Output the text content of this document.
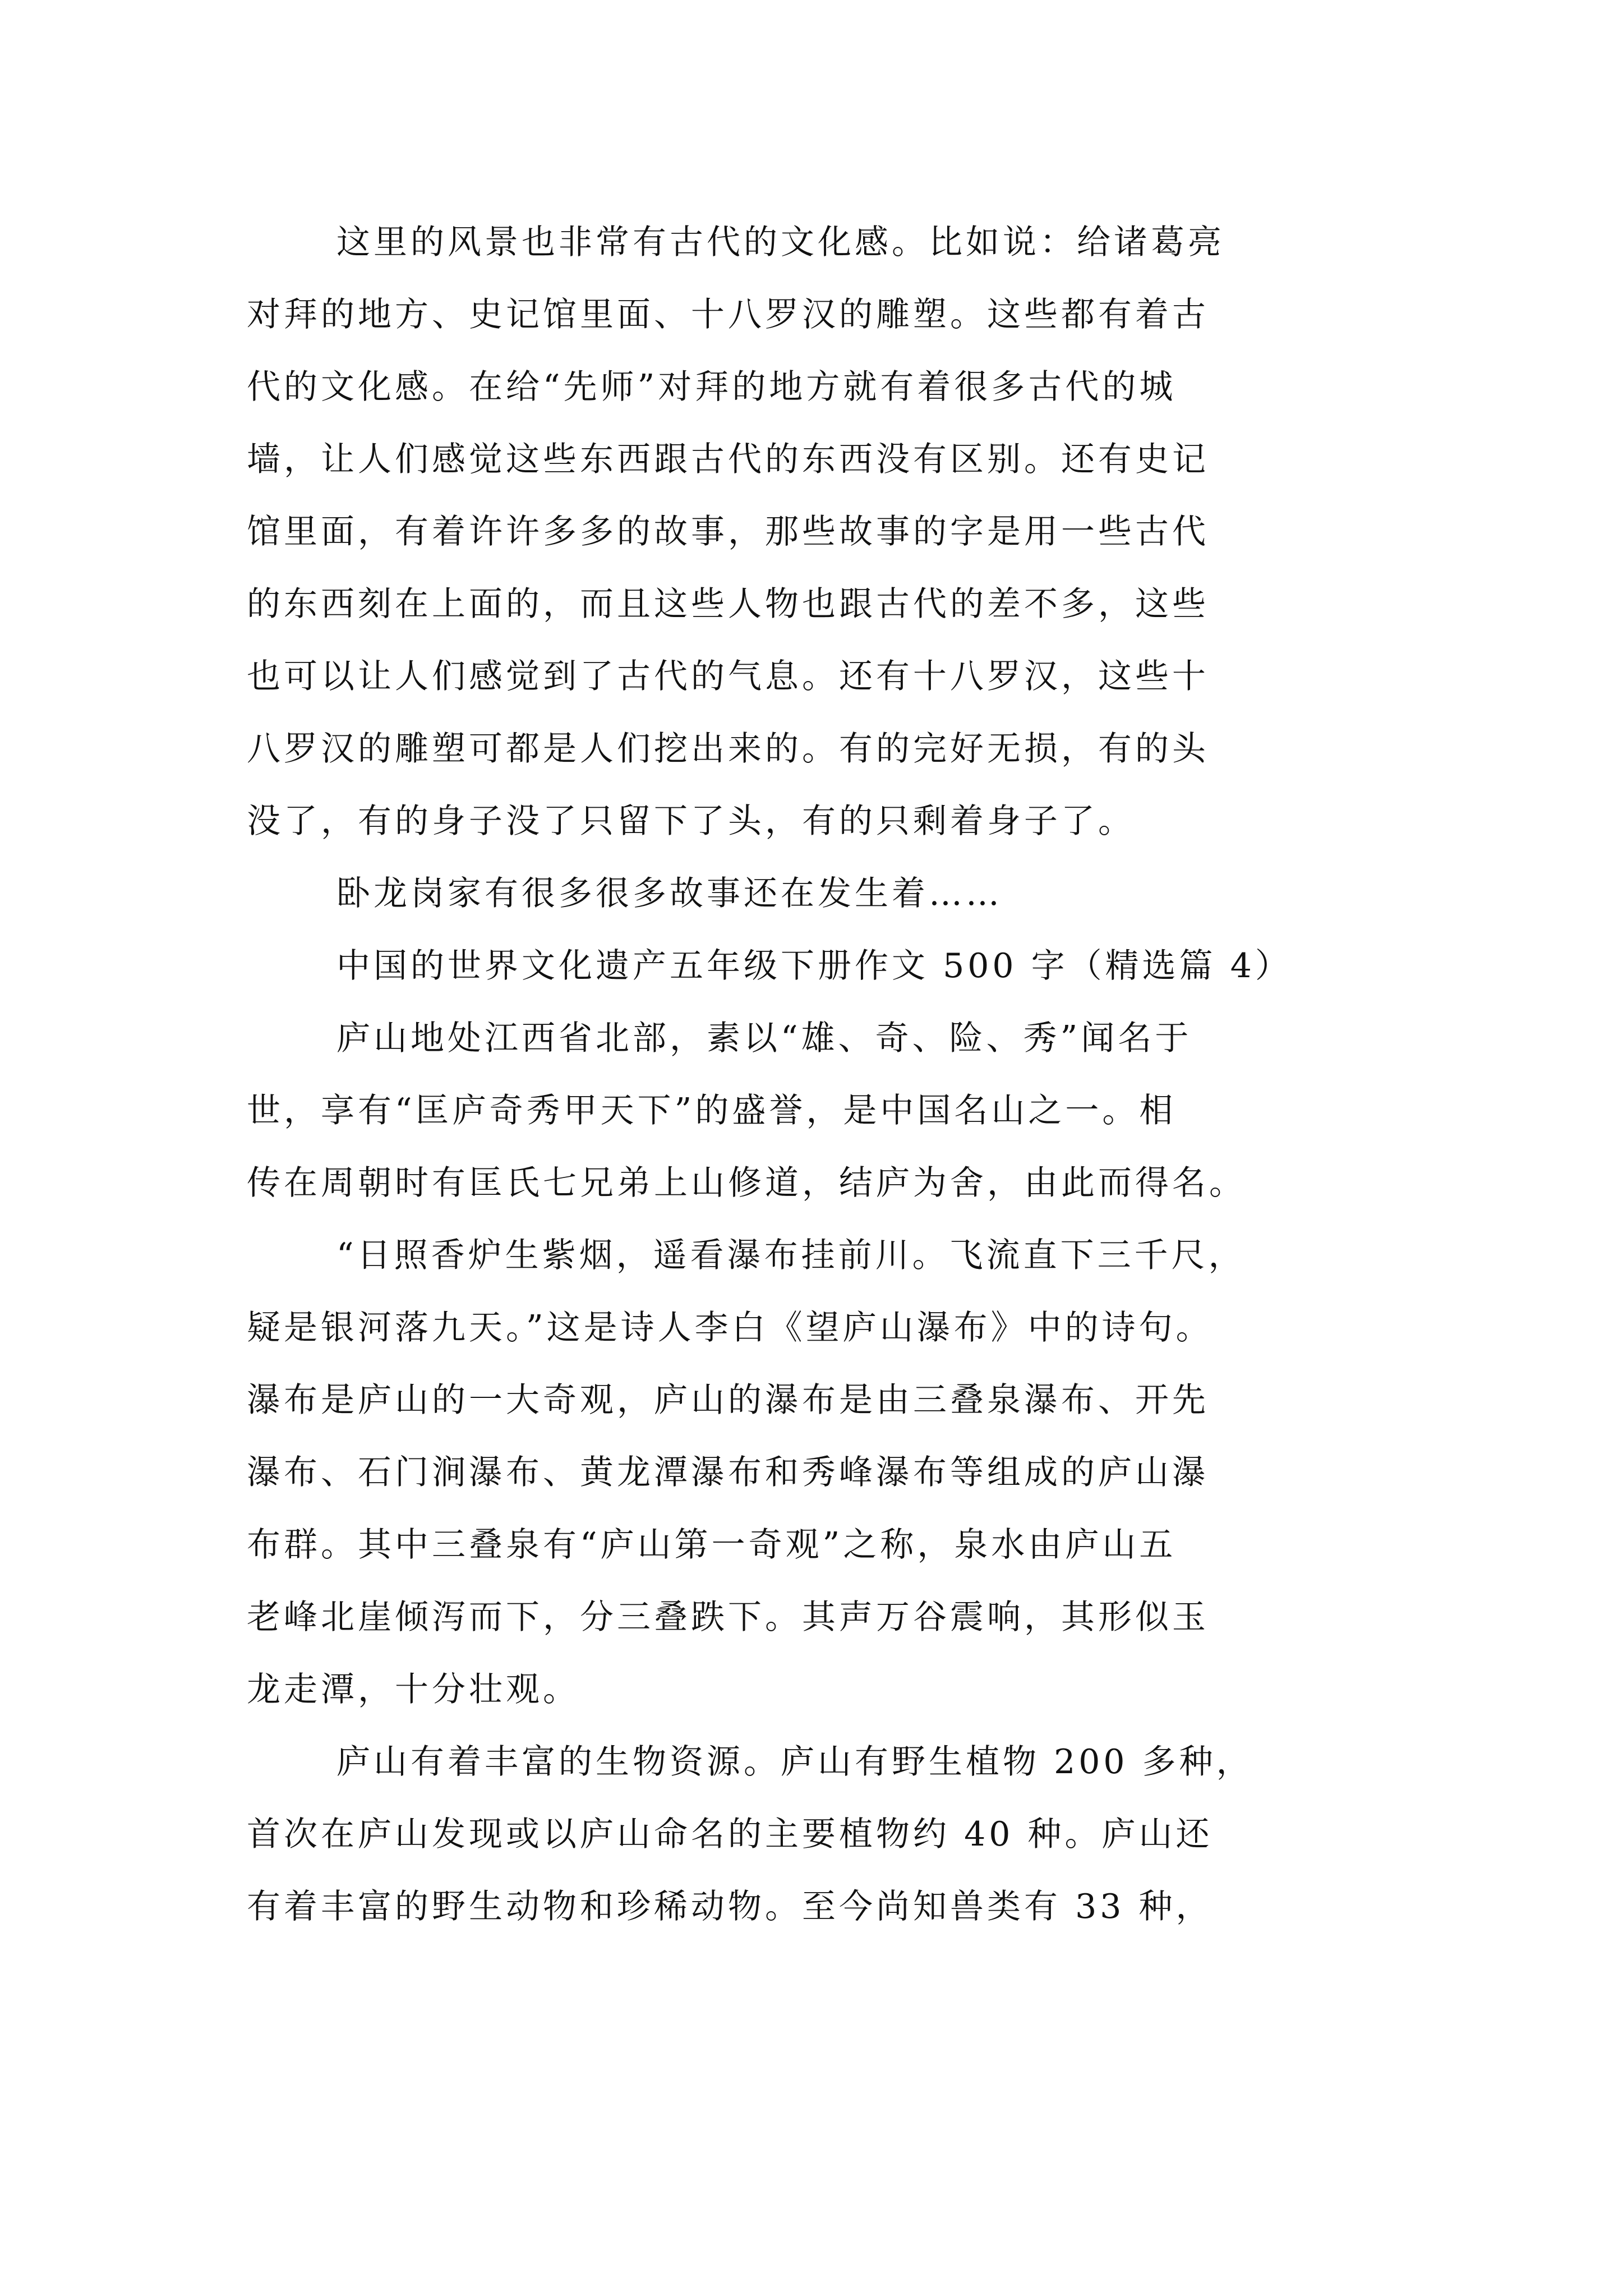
这里的风景也非常有古代的文化感。比如说：给诸葛亮
对拜的地方、史记馆里面、十八罗汉的雕塑。这些都有着古
代的文化感。在给“先师”对拜的地方就有着很多古代的城
墙，让人们感觉这些东西跟古代的东西没有区别。还有史记
馆里面，有着许许多多的故事，那些故事的字是用一些古代
的东西刻在上面的，而且这些人物也跟古代的差不多，这些
也可以让人们感觉到了古代的气息。还有十八罗汉，这些十
八罗汉的雕塑可都是人们挖出来的。有的完好无损，有的头
没了，有的身子没了只留下了头，有的只剩着身子了。
卧龙岗家有很多很多故事还在发生着……
中国的世界文化遗产五年级下册作文 500 字（精选篇 4）
庐山地处江西省北部，素以“雄、奇、险、秀”闻名于
世，享有“匡庐奇秀甲天下”的盛誉，是中国名山之一。相
传在周朝时有匡氏七兄弟上山修道，结庐为舍，由此而得名。
“日照香炉生紫烟，遥看瀑布挂前川。飞流直下三千尺，
疑是银河落九天。”这是诗人李白《望庐山瀑布》中的诗句。
瀑布是庐山的一大奇观，庐山的瀑布是由三叠泉瀑布、开先
瀑布、石门涧瀑布、黄龙潭瀑布和秀峰瀑布等组成的庐山瀑
布群。其中三叠泉有“庐山第一奇观”之称，泉水由庐山五
老峰北崖倾泻而下，分三叠跌下。其声万谷震响，其形似玉
龙走潭，十分壮观。
庐山有着丰富的生物资源。庐山有野生植物 200 多种，
首次在庐山发现或以庐山命名的主要植物约 40 种。庐山还
有着丰富的野生动物和珍稀动物。至今尚知兽类有 33 种，
